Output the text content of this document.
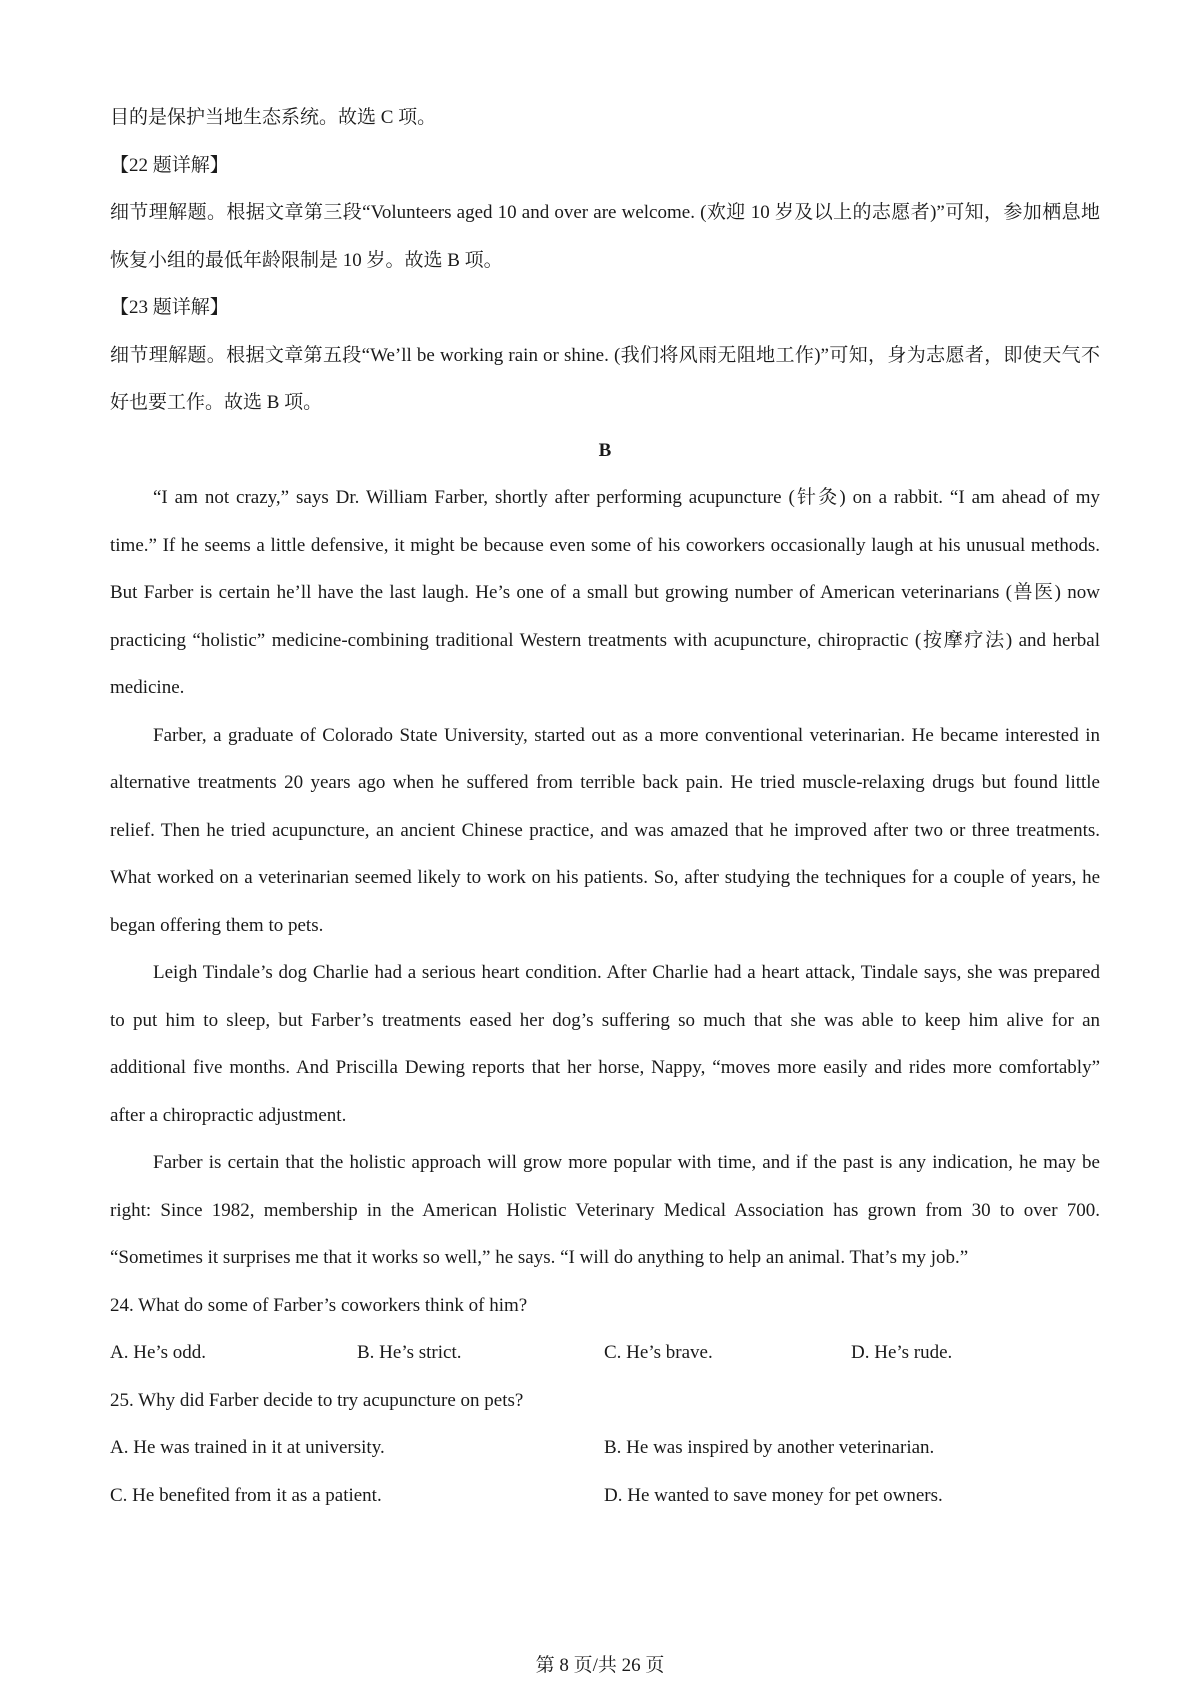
目的是保护当地生态系统。故选 C 项。

【22 题详解】

细节理解题。根据文章第三段“Volunteers aged 10 and over are welcome. (欢迎 10 岁及以上的志愿者)”可知，参加栖息地恢复小组的最低年龄限制是 10 岁。故选 B 项。

【23 题详解】

细节理解题。根据文章第五段“We’ll be working rain or shine. (我们将风雨无阻地工作)”可知，身为志愿者，即使天气不好也要工作。故选 B 项。

B

“I am not crazy,” says Dr. William Farber, shortly after performing acupuncture (针灸) on a rabbit. “I am ahead of my time.” If he seems a little defensive, it might be because even some of his coworkers occasionally laugh at his unusual methods. But Farber is certain he’ll have the last laugh. He’s one of a small but growing number of American veterinarians (兽医) now practicing “holistic” medicine-combining traditional Western treatments with acupuncture, chiropractic (按摩疗法) and herbal medicine.

Farber, a graduate of Colorado State University, started out as a more conventional veterinarian. He became interested in alternative treatments 20 years ago when he suffered from terrible back pain. He tried muscle-relaxing drugs but found little relief. Then he tried acupuncture, an ancient Chinese practice, and was amazed that he improved after two or three treatments. What worked on a veterinarian seemed likely to work on his patients. So, after studying the techniques for a couple of years, he began offering them to pets.

Leigh Tindale’s dog Charlie had a serious heart condition. After Charlie had a heart attack, Tindale says, she was prepared to put him to sleep, but Farber’s treatments eased her dog’s suffering so much that she was able to keep him alive for an additional five months. And Priscilla Dewing reports that her horse, Nappy, “moves more easily and rides more comfortably” after a chiropractic adjustment.

Farber is certain that the holistic approach will grow more popular with time, and if the past is any indication, he may be right: Since 1982, membership in the American Holistic Veterinary Medical Association has grown from 30 to over 700. “Sometimes it surprises me that it works so well,” he says. “I will do anything to help an animal. That’s my job.”

24. What do some of Farber’s coworkers think of him?

A. He’s odd.	B. He’s strict.	C. He’s brave.	D. He’s rude.

25. Why did Farber decide to try acupuncture on pets?

A. He was trained in it at university.	B. He was inspired by another veterinarian.
C. He benefited from it as a patient.	D. He wanted to save money for pet owners.
第 8 页/共 26 页
